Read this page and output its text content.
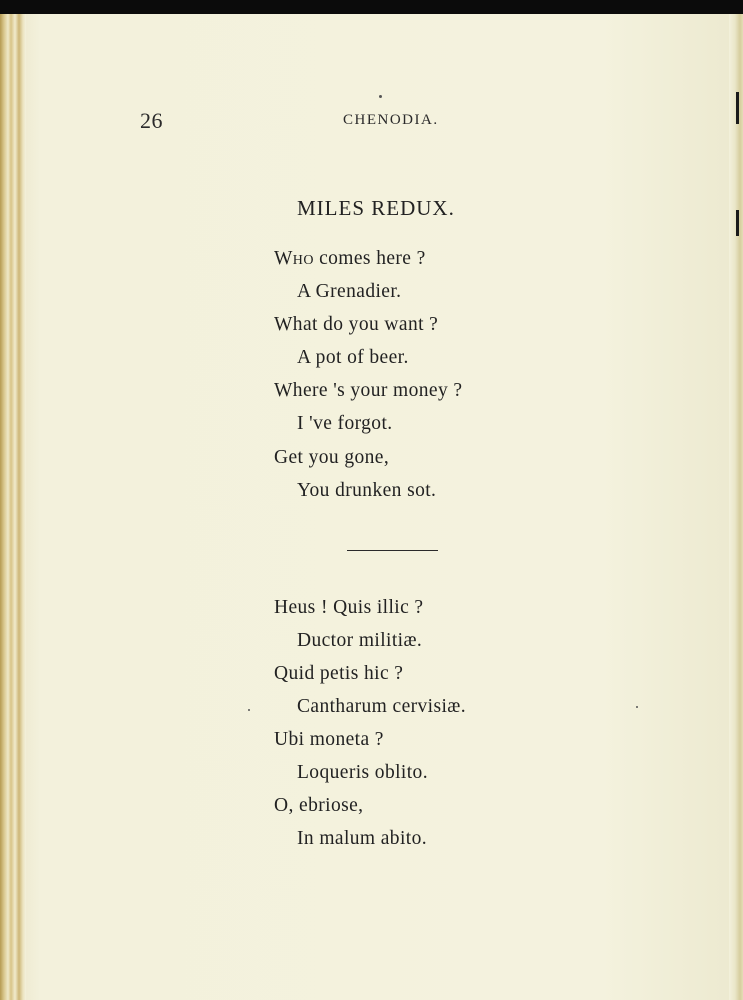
26	CHENODIA.
MILES REDUX.
Who comes here ?
A Grenadier.
What do you want ?
A pot of beer.
Where 's your money ?
I 've forgot.
Get you gone,
You drunken sot.
Heus ! Quis illic ?
Ductor militiæ.
Quid petis hic ?
Cantharum cervisiæ.
Ubi moneta ?
Loqueris oblito.
O, ebriose,
In malum abito.
